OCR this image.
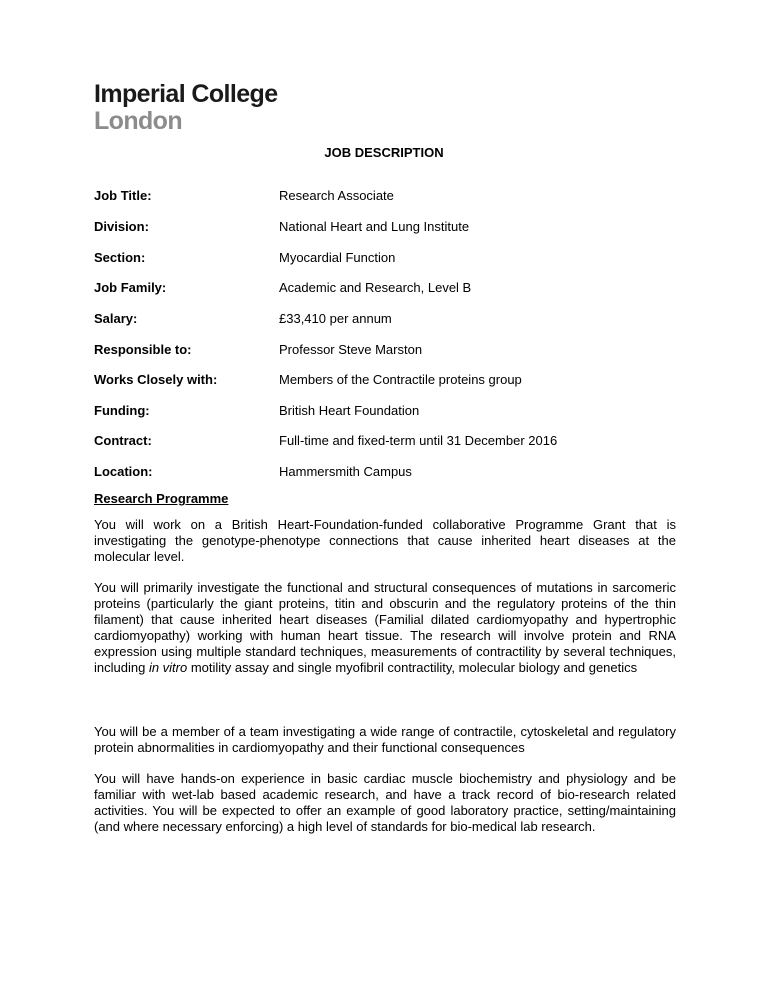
Imperial College
London
JOB DESCRIPTION
Job Title:	Research Associate
Division:	National Heart and Lung Institute
Section:	Myocardial Function
Job Family:	Academic and Research, Level B
Salary:	£33,410 per annum
Responsible to:	Professor Steve Marston
Works Closely with:	Members of the Contractile proteins group
Funding:	British Heart Foundation
Contract:	Full-time and fixed-term until 31 December 2016
Location:	Hammersmith Campus
Research Programme

You will work on a British Heart-Foundation-funded collaborative Programme Grant that is investigating the genotype-phenotype connections that cause inherited heart diseases at the molecular level.

You will primarily investigate the functional and structural consequences of mutations in sarcomeric proteins (particularly the giant proteins, titin and obscurin and the regulatory proteins of the thin filament) that cause inherited heart diseases (Familial dilated cardiomyopathy and hypertrophic cardiomyopathy) working with human heart tissue. The research will involve protein and RNA expression using multiple standard techniques, measurements of contractility by several techniques, including in vitro motility assay and single myofibril contractility, molecular biology and genetics

You will be a member of a team investigating a wide range of contractile, cytoskeletal and regulatory protein abnormalities in cardiomyopathy and their functional consequences

You will have hands-on experience in basic cardiac muscle biochemistry and physiology and be familiar with wet-lab based academic research, and have a track record of bio-research related activities. You will be expected to offer an example of good laboratory practice, setting/maintaining (and where necessary enforcing) a high level of standards for bio-medical lab research.
